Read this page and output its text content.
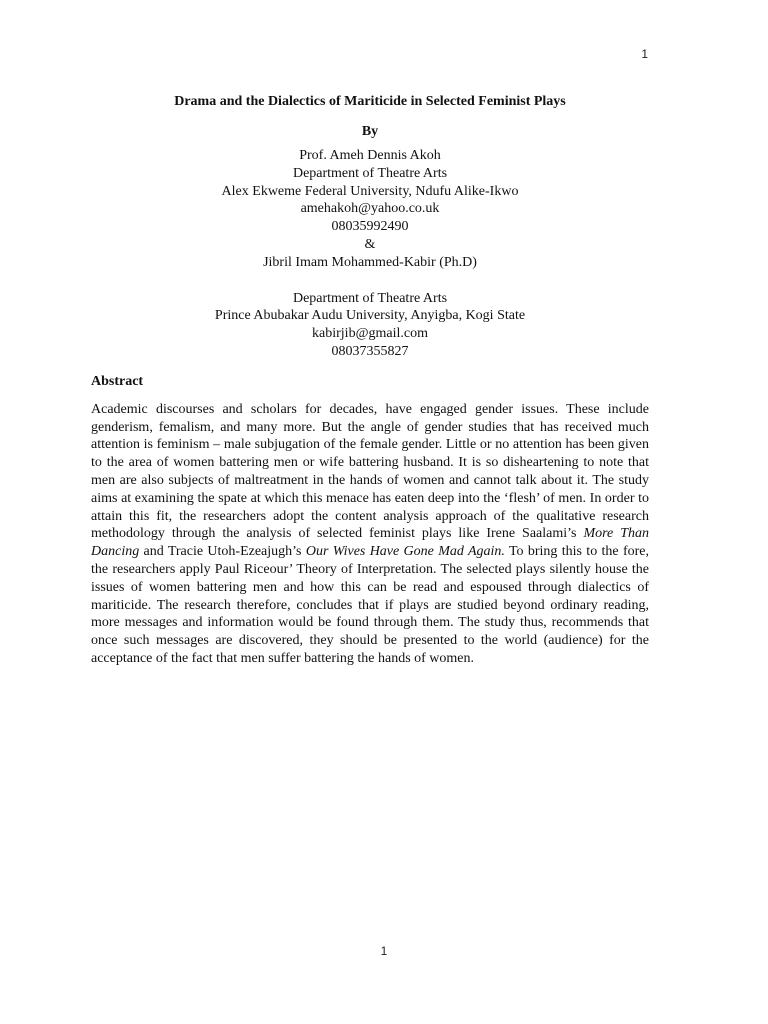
1
Drama and the Dialectics of Mariticide in Selected Feminist Plays
By
Prof. Ameh Dennis Akoh
Department of Theatre Arts
Alex Ekweme Federal University, Ndufu Alike-Ikwo
amehakoh@yahoo.co.uk
08035992490
&
Jibril Imam Mohammed-Kabir (Ph.D)
Department of Theatre Arts
Prince Abubakar Audu University, Anyigba, Kogi State
kabirjib@gmail.com
08037355827
Abstract

Academic discourses and scholars for decades, have engaged gender issues. These include genderism, femalism, and many more. But the angle of gender studies that has received much attention is feminism – male subjugation of the female gender. Little or no attention has been given to the area of women battering men or wife battering husband. It is so disheartening to note that men are also subjects of maltreatment in the hands of women and cannot talk about it. The study aims at examining the spate at which this menace has eaten deep into the ‘flesh’ of men. In order to attain this fit, the researchers adopt the content analysis approach of the qualitative research methodology through the analysis of selected feminist plays like Irene Saalami’s More Than Dancing and Tracie Utoh-Ezeajugh’s Our Wives Have Gone Mad Again. To bring this to the fore, the researchers apply Paul Riceour’ Theory of Interpretation. The selected plays silently house the issues of women battering men and how this can be read and espoused through dialectics of mariticide. The research therefore, concludes that if plays are studied beyond ordinary reading, more messages and information would be found through them. The study thus, recommends that once such messages are discovered, they should be presented to the world (audience) for the acceptance of the fact that men suffer battering the hands of women.

1
